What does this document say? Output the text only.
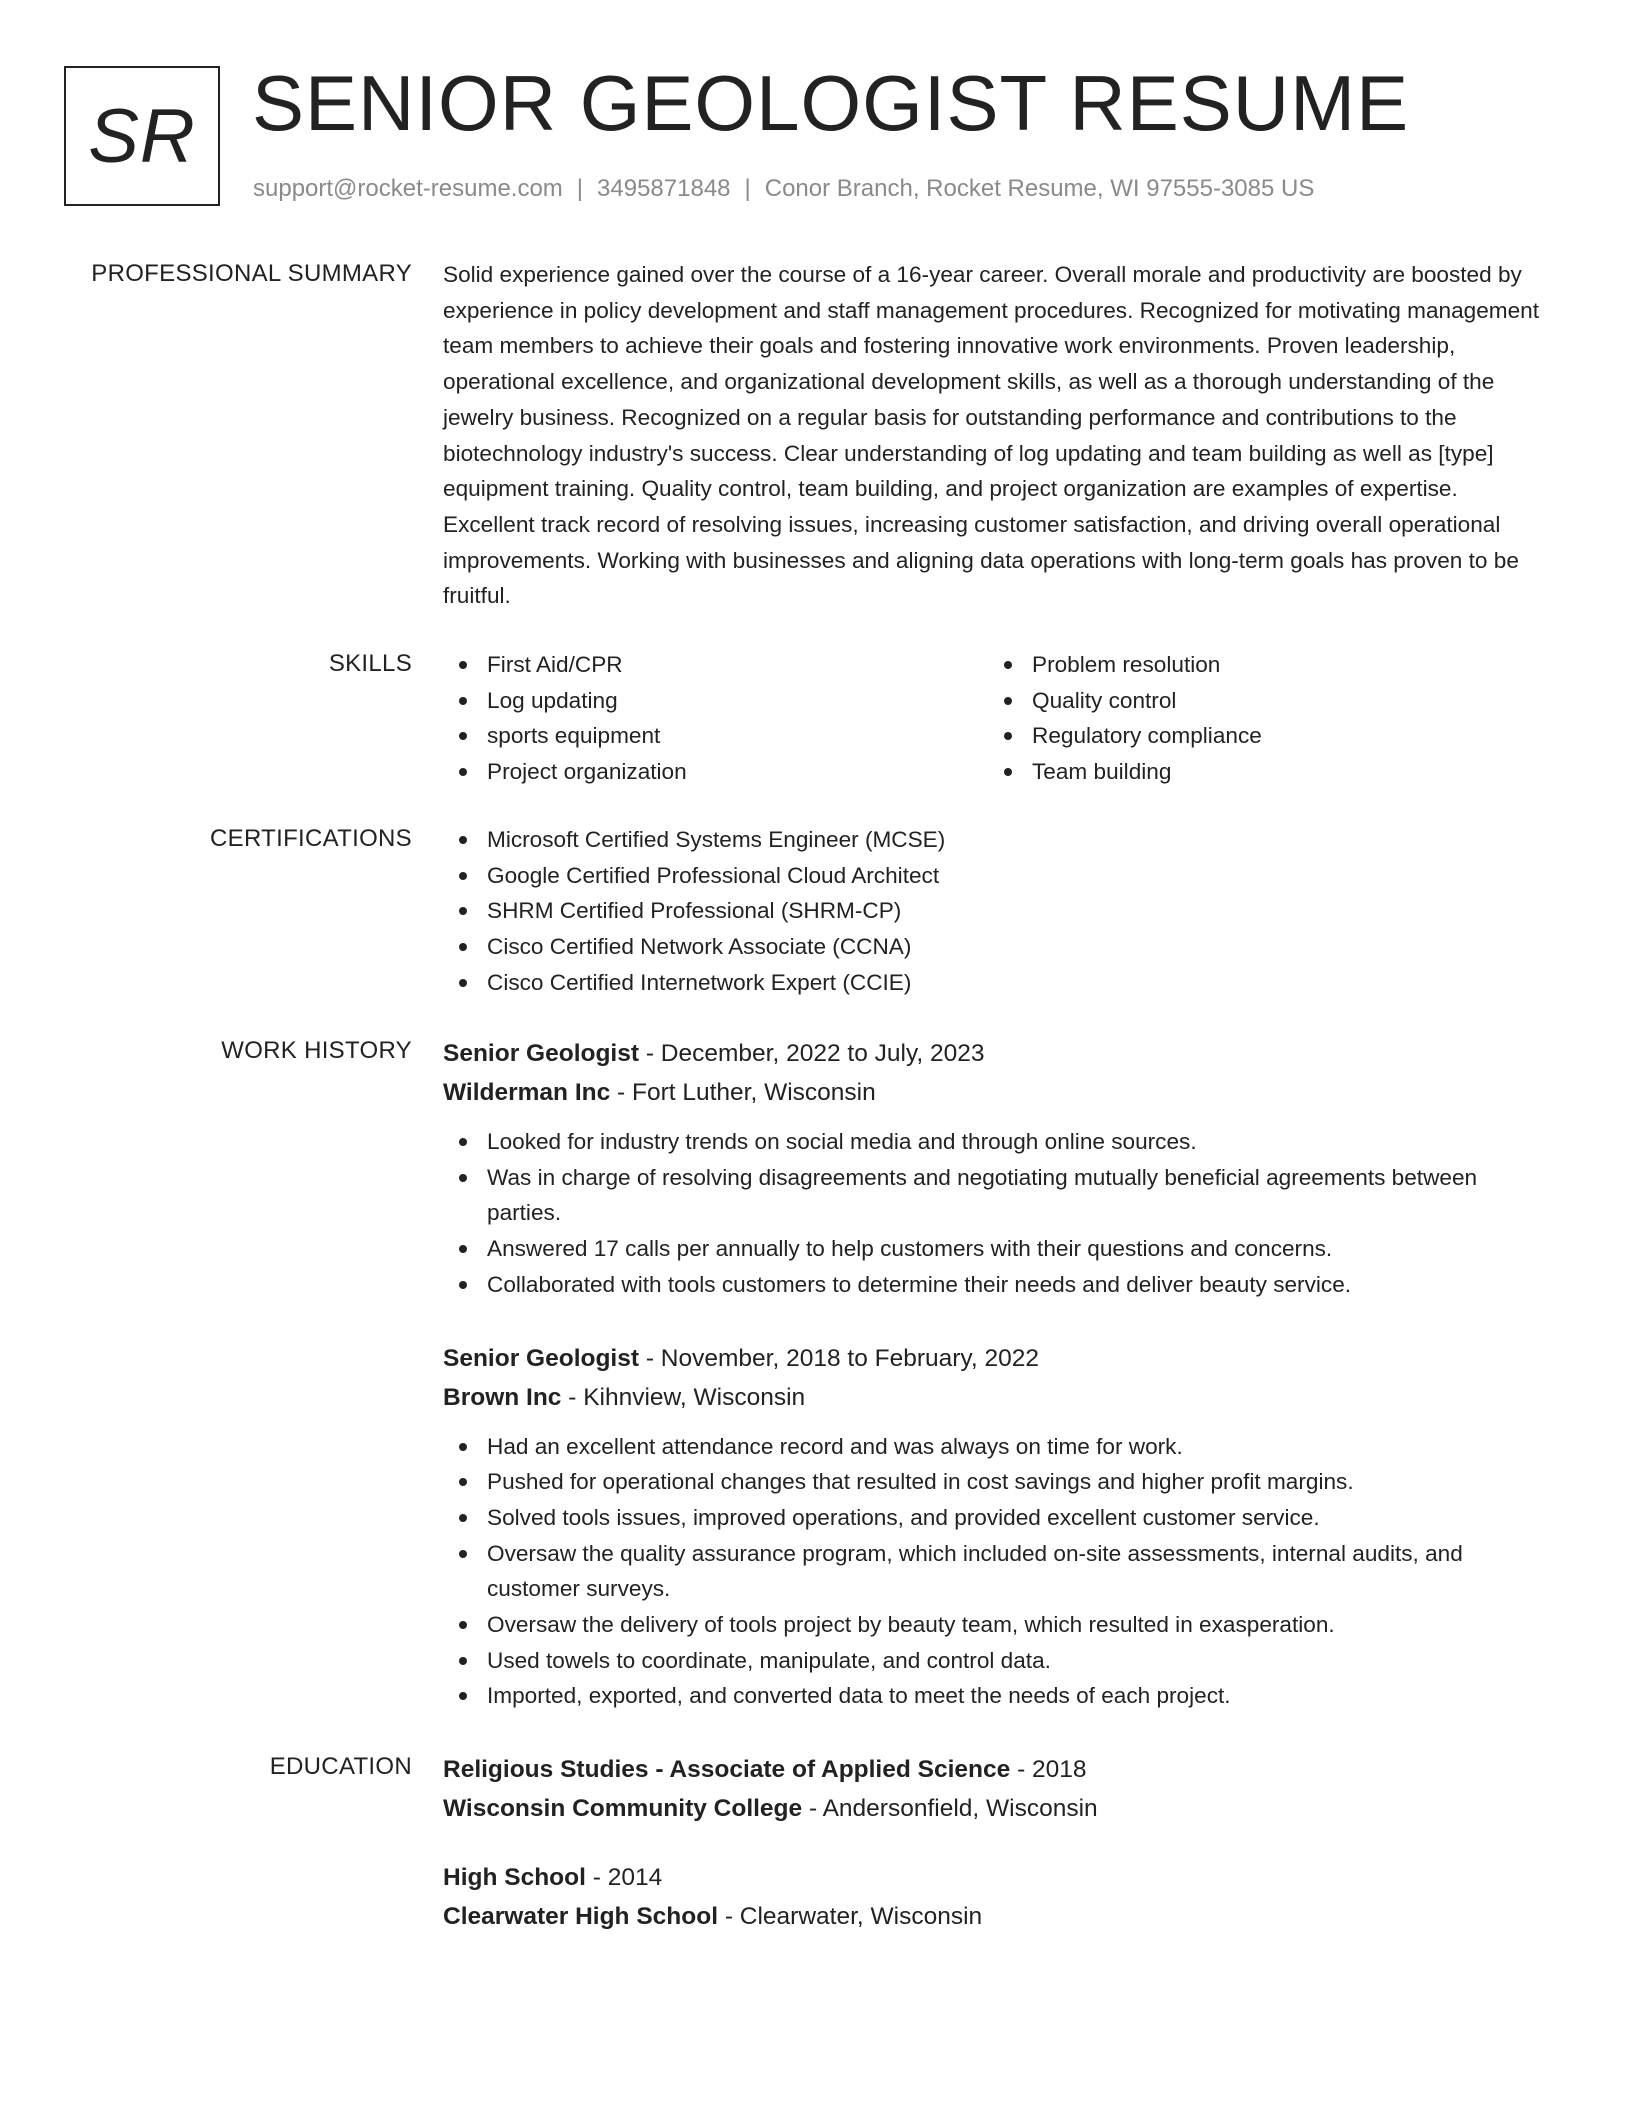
SR SENIOR GEOLOGIST RESUME
support@rocket-resume.com | 3495871848 | Conor Branch, Rocket Resume, WI 97555-3085 US
PROFESSIONAL SUMMARY Solid experience gained over the course of a 16-year career. Overall morale and productivity are boosted by experience in policy development and staff management procedures. Recognized for motivating management team members to achieve their goals and fostering innovative work environments. Proven leadership, operational excellence, and organizational development skills, as well as a thorough understanding of the jewelry business. Recognized on a regular basis for outstanding performance and contributions to the biotechnology industry's success. Clear understanding of log updating and team building as well as [type] equipment training. Quality control, team building, and project organization are examples of expertise. Excellent track record of resolving issues, increasing customer satisfaction, and driving overall operational improvements. Working with businesses and aligning data operations with long-term goals has proven to be fruitful.

SKILLS	First Aid/CPR
Log updating
sports equipment
Project organization
Problem resolution
Quality control
Regulatory compliance
Team building
CERTIFICATIONS	Microsoft Certified Systems Engineer (MCSE)
Google Certified Professional Cloud Architect
SHRM Certified Professional (SHRM-CP)
Cisco Certified Network Associate (CCNA)
Cisco Certified Internetwork Expert (CCIE)
WORK HISTORY Senior Geologist - December, 2022 to July, 2023
Wilderman Inc - Fort Luther, Wisconsin
Looked for industry trends on social media and through online sources.
Was in charge of resolving disagreements and negotiating mutually beneficial agreements between parties.
Answered 17 calls per annually to help customers with their questions and concerns.
Collaborated with tools customers to determine their needs and deliver beauty service.
Senior Geologist - November, 2018 to February, 2022
Brown Inc - Kihnview, Wisconsin
Had an excellent attendance record and was always on time for work.
Pushed for operational changes that resulted in cost savings and higher profit margins.
Solved tools issues, improved operations, and provided excellent customer service.
Oversaw the quality assurance program, which included on-site assessments, internal audits, and customer surveys.
Oversaw the delivery of tools project by beauty team, which resulted in exasperation.
Used towels to coordinate, manipulate, and control data.
Imported, exported, and converted data to meet the needs of each project.
EDUCATION Religious Studies - Associate of Applied Science - 2018
Wisconsin Community College - Andersonfield, Wisconsin
High School - 2014
Clearwater High School - Clearwater, Wisconsin
